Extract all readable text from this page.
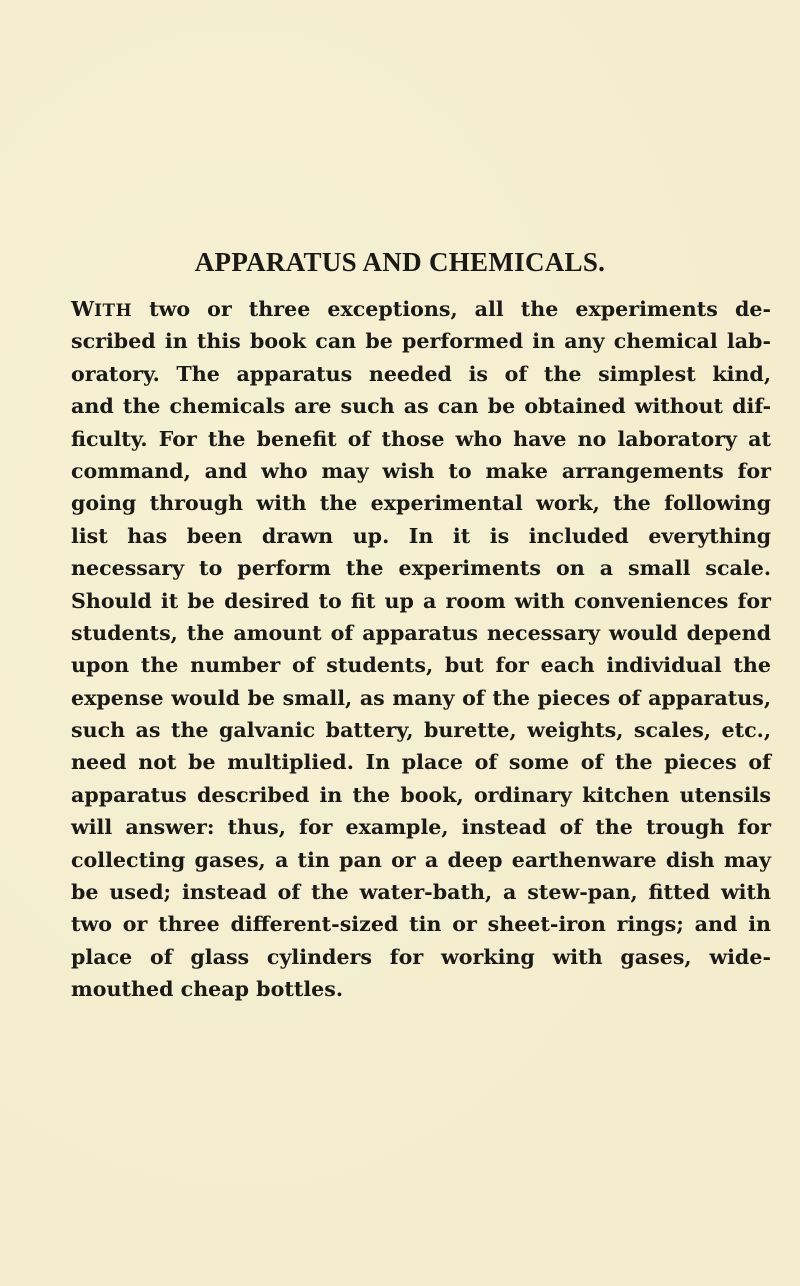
APPARATUS AND CHEMICALS.
WITH two or three exceptions, all the experiments de-
scribed in this book can be performed in any chemical lab-
oratory. The apparatus needed is of the simplest kind,
and the chemicals are such as can be obtained without dif-
ficulty. For the benefit of those who have no laboratory at
command, and who may wish to make arrangements for
going through with the experimental work, the following
list has been drawn up. In it is included everything
necessary to perform the experiments on a small scale.
Should it be desired to fit up a room with conveniences for
students, the amount of apparatus necessary would depend
upon the number of students, but for each individual the
expense would be small, as many of the pieces of apparatus,
such as the galvanic battery, burette, weights, scales, etc.,
need not be multiplied. In place of some of the pieces of
apparatus described in the book, ordinary kitchen utensils
will answer: thus, for example, instead of the trough for
collecting gases, a tin pan or a deep earthenware dish may
be used; instead of the water-bath, a stew-pan, fitted with
two or three different-sized tin or sheet-iron rings; and in
place of glass cylinders for working with gases, wide-
mouthed cheap bottles.
